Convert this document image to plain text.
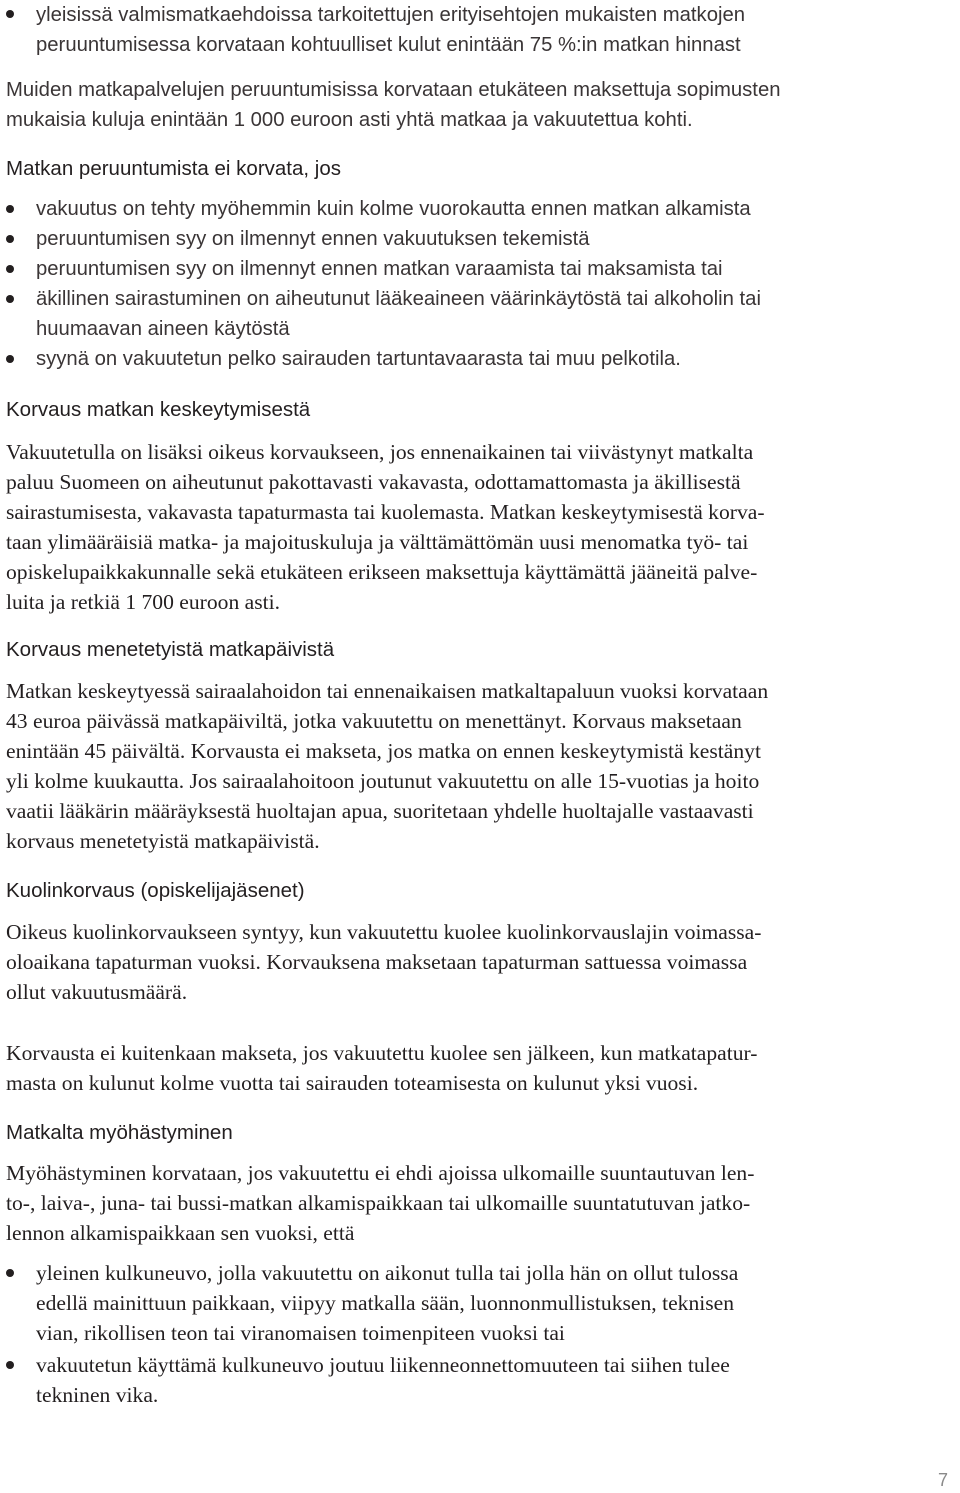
yleisissä valmismatkaehdoissa tarkoitettujen erityisehtojen mukaisten matkojen
peruuntumisessa korvataan kohtuulliset kulut enintään 75 %:in matkan hinnast
Muiden matkapalvelujen peruuntumisissa korvataan etukäteen maksettuja sopimusten
mukaisia kuluja enintään 1 000 euroon asti yhtä matkaa ja vakuutettua kohti.
Matkan peruuntumista ei korvata, jos
vakuutus on tehty myöhemmin kuin kolme vuorokautta ennen matkan alkamista
peruuntumisen syy on ilmennyt ennen vakuutuksen tekemistä
peruuntumisen syy on ilmennyt ennen matkan varaamista tai maksamista tai
äkillinen sairastuminen on aiheutunut lääkeaineen väärinkäytöstä tai alkoholin tai
huumaavan aineen käytöstä
syynä on vakuutetun pelko sairauden tartuntavaarasta tai muu pelkotila.
Korvaus matkan keskeytymisestä
Vakuutetulla on lisäksi oikeus korvaukseen, jos ennenaikainen tai viivästynyt matkalta
paluu Suomeen on aiheutunut pakottavasti vakavasta, odottamattomasta ja äkillisestä
sairastumisesta, vakavasta tapaturmasta tai kuolemasta. Matkan keskeytymisestä korva-
taan ylimääräisiä matka- ja majoituskuluja ja välttämättömän uusi menomatka työ- tai
opiskelupaikkakunnalle sekä etukäteen erikseen maksettuja käyttämättä jääneitä palve-
luita ja retkiä 1 700 euroon asti.
Korvaus menetetyistä matkapäivistä
Matkan keskeytyessä sairaalahoidon tai ennenaikaisen matkaltapaluun vuoksi korvataan
43 euroa päivässä matkapäiviltä, jotka vakuutettu on menettänyt. Korvaus maksetaan
enintään 45 päivältä. Korvausta ei makseta, jos matka on ennen keskeytymistä kestänyt
yli kolme kuukautta. Jos sairaalahoitoon joutunut vakuutettu on alle 15-vuotias ja hoito
vaatii lääkärin määräyksestä huoltajan apua, suoritetaan yhdelle huoltajalle vastaavasti
korvaus menetetyistä matkapäivistä.
Kuolinkorvaus (opiskelijajäsenet)
Oikeus kuolinkorvaukseen syntyy, kun vakuutettu kuolee kuolinkorvauslajin voimassa-
oloaikana tapaturman vuoksi. Korvauksena maksetaan tapaturman sattuessa voimassa
ollut vakuutusmäärä.
Korvausta ei kuitenkaan makseta, jos vakuutettu kuolee sen jälkeen, kun matkatapatur-
masta on kulunut kolme vuotta tai sairauden toteamisesta on kulunut yksi vuosi.
Matkalta myöhästyminen
Myöhästyminen korvataan, jos vakuutettu ei ehdi ajoissa ulkomaille suuntautuvan len-
to-, laiva-, juna- tai bussi-matkan alkamispaikkaan tai ulkomaille suuntatutuvan jatko-
lennon alkamispaikkaan sen vuoksi, että
yleinen kulkuneuvo, jolla vakuutettu on aikonut tulla tai jolla hän on ollut tulossa
edellä mainittuun paikkaan, viipyy matkalla sään, luonnonmullistuksen, teknisen
vian, rikollisen teon tai viranomaisen toimenpiteen vuoksi tai
vakuutetun käyttämä kulkuneuvo joutuu liikenneonnettomuuteen tai siihen tulee
tekninen vika.
7
